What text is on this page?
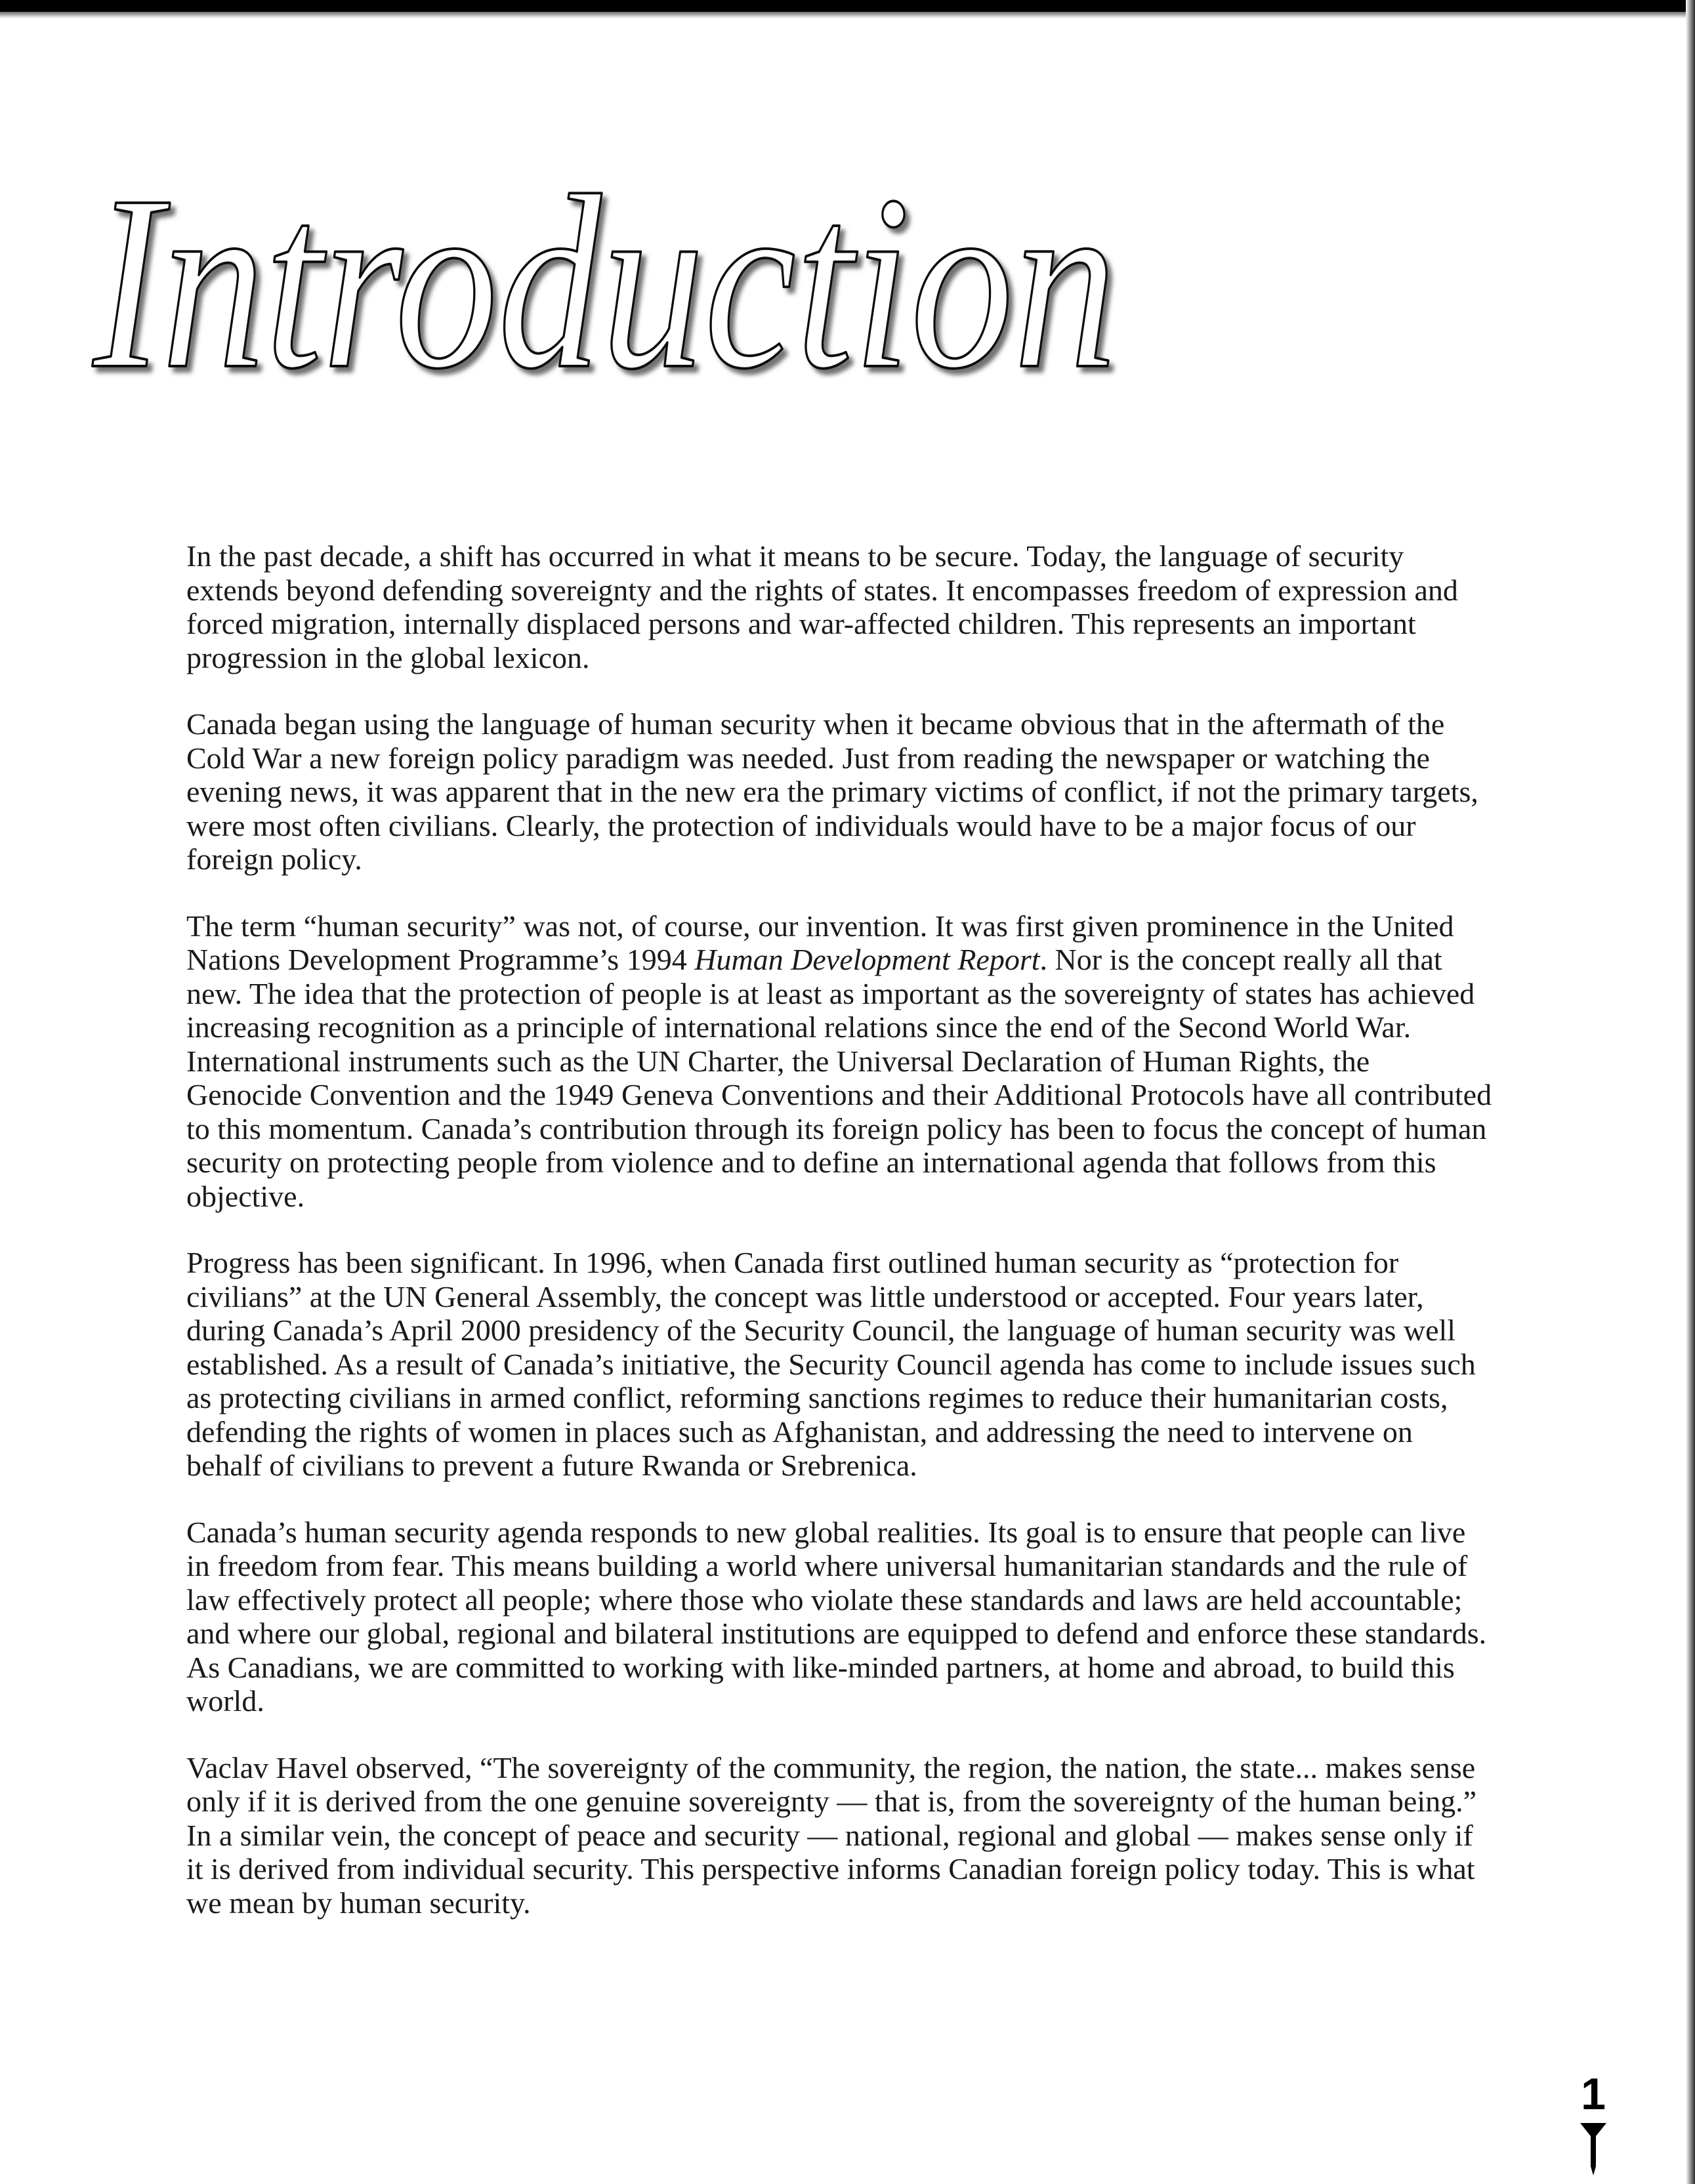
Introduction

In the past decade, a shift has occurred in what it means to be secure. Today, the language of security extends beyond defending sovereignty and the rights of states. It encompasses freedom of expression and forced migration, internally displaced persons and war-affected children. This represents an important progression in the global lexicon.

Canada began using the language of human security when it became obvious that in the aftermath of the Cold War a new foreign policy paradigm was needed. Just from reading the newspaper or watching the evening news, it was apparent that in the new era the primary victims of conflict, if not the primary targets, were most often civilians. Clearly, the protection of individuals would have to be a major focus of our foreign policy.

The term “human security” was not, of course, our invention. It was first given prominence in the United Nations Development Programme’s 1994 Human Development Report. Nor is the concept really all that new. The idea that the protection of people is at least as important as the sovereignty of states has achieved increasing recognition as a principle of international relations since the end of the Second World War. International instruments such as the UN Charter, the Universal Declaration of Human Rights, the Genocide Convention and the 1949 Geneva Conventions and their Additional Protocols have all contributed to this momentum. Canada’s contribution through its foreign policy has been to focus the concept of human security on protecting people from violence and to define an international agenda that follows from this objective.

Progress has been significant. In 1996, when Canada first outlined human security as “protection for civilians” at the UN General Assembly, the concept was little understood or accepted. Four years later, during Canada’s April 2000 presidency of the Security Council, the language of human security was well established. As a result of Canada’s initiative, the Security Council agenda has come to include issues such as protecting civilians in armed conflict, reforming sanctions regimes to reduce their humanitarian costs, defending the rights of women in places such as Afghanistan, and addressing the need to intervene on behalf of civilians to prevent a future Rwanda or Srebrenica.

Canada’s human security agenda responds to new global realities. Its goal is to ensure that people can live in freedom from fear. This means building a world where universal humanitarian standards and the rule of law effectively protect all people; where those who violate these standards and laws are held accountable; and where our global, regional and bilateral institutions are equipped to defend and enforce these standards. As Canadians, we are committed to working with like-minded partners, at home and abroad, to build this world.

Vaclav Havel observed, “The sovereignty of the community, the region, the nation, the state... makes sense only if it is derived from the one genuine sovereignty — that is, from the sovereignty of the human being.” In a similar vein, the concept of peace and security — national, regional and global — makes sense only if it is derived from individual security. This perspective informs Canadian foreign policy today. This is what we mean by human security.

1
